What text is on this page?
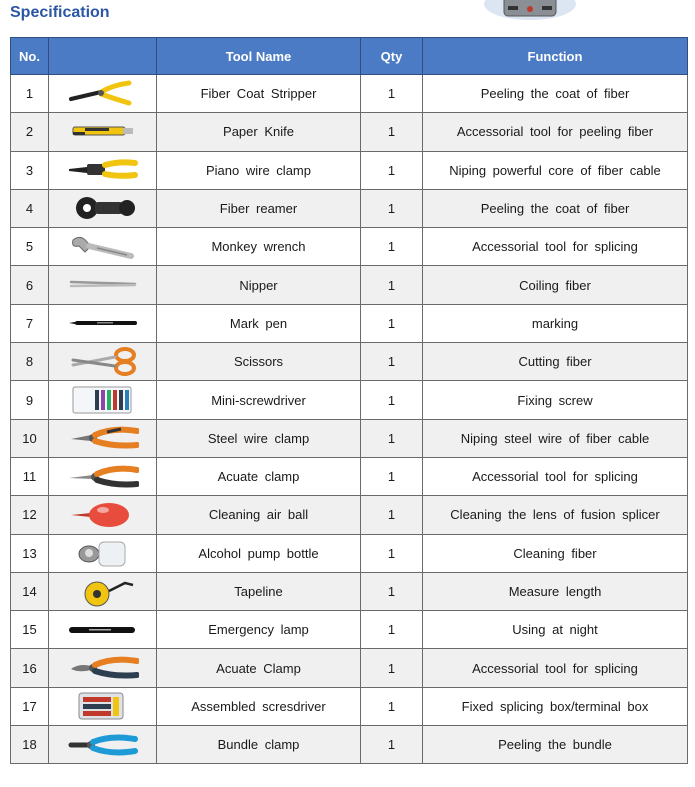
Specification
No.		Tool Name	Qty	Function
1		Fiber Coat Stripper	1	Peeling the coat of fiber
2		Paper Knife	1	Accessorial tool for peeling fiber
3		Piano wire clamp	1	Niping powerful core of fiber cable
4		Fiber reamer	1	Peeling the coat of fiber
5		Monkey wrench	1	Accessorial tool for splicing
6		Nipper	1	Coiling fiber
7		Mark pen	1	marking
8		Scissors	1	Cutting fiber
9		Mini-screwdriver	1	Fixing screw
10		Steel wire clamp	1	Niping steel wire of fiber cable
11		Acuate clamp	1	Accessorial tool for splicing
12		Cleaning air ball	1	Cleaning the lens of fusion splicer
13		Alcohol pump bottle	1	Cleaning fiber
14		Tapeline	1	Measure length
15		Emergency lamp	1	Using at night
16		Acuate Clamp	1	Accessorial tool for splicing
17		Assembled scresdriver	1	Fixed splicing box/terminal box
18		Bundle clamp	1	Peeling the bundle
